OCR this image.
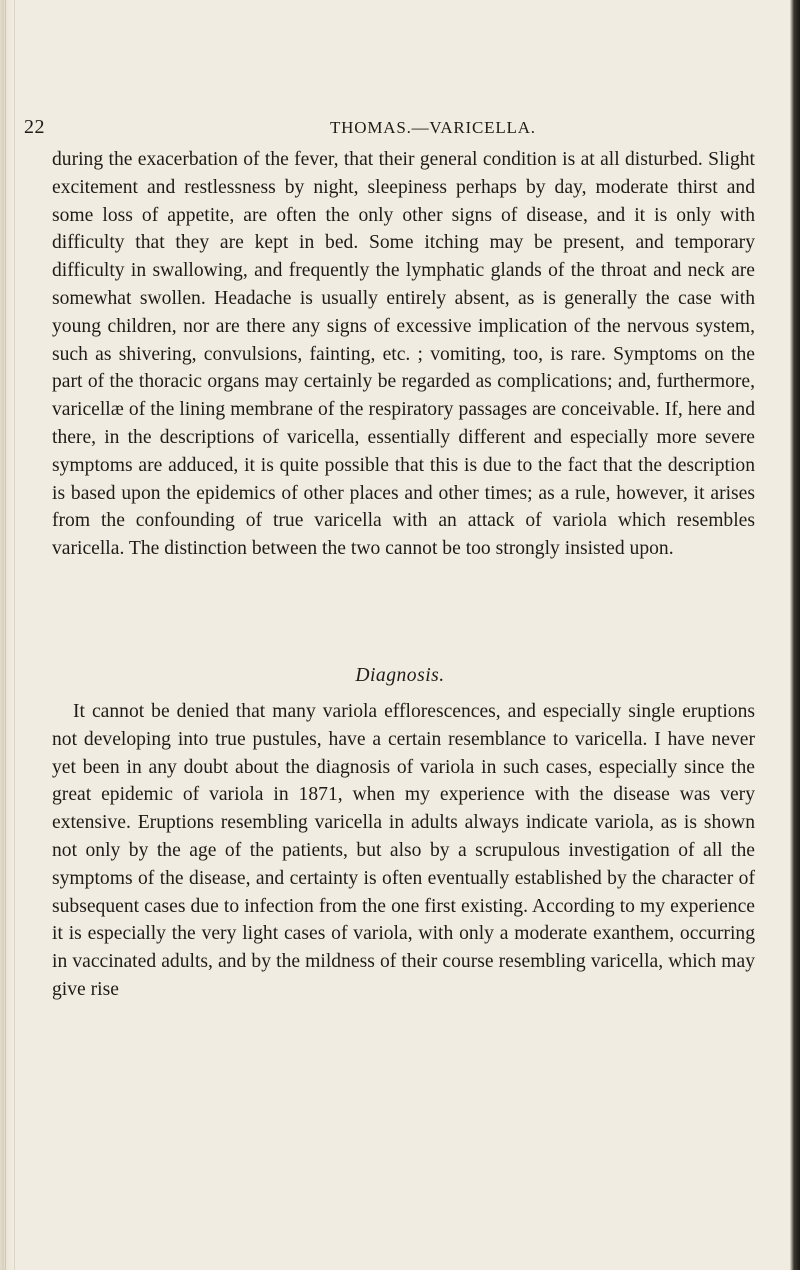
22	THOMAS.—VARICELLA.

during the exacerbation of the fever, that their general condition is at all disturbed. Slight excitement and restlessness by night, sleepiness perhaps by day, moderate thirst and some loss of appetite, are often the only other signs of disease, and it is only with difficulty that they are kept in bed. Some itching may be present, and temporary difficulty in swallowing, and frequently the lymphatic glands of the throat and neck are somewhat swollen. Headache is usually entirely absent, as is generally the case with young children, nor are there any signs of excessive implication of the nervous system, such as shivering, convulsions, fainting, etc. ; vomiting, too, is rare. Symptoms on the part of the thoracic organs may certainly be regarded as complications; and, furthermore, varicellæ of the lining membrane of the respiratory passages are conceivable. If, here and there, in the descriptions of varicella, essentially different and especially more severe symptoms are adduced, it is quite possible that this is due to the fact that the description is based upon the epidemics of other places and other times; as a rule, however, it arises from the confounding of true varicella with an attack of variola which resembles varicella. The distinction between the two cannot be too strongly insisted upon.

Diagnosis.

It cannot be denied that many variola efflorescences, and especially single eruptions not developing into true pustules, have a certain resemblance to varicella. I have never yet been in any doubt about the diagnosis of variola in such cases, especially since the great epidemic of variola in 1871, when my experience with the disease was very extensive. Eruptions resembling varicella in adults always indicate variola, as is shown not only by the age of the patients, but also by a scrupulous investigation of all the symptoms of the disease, and certainty is often eventually established by the character of subsequent cases due to infection from the one first existing. According to my experience it is especially the very light cases of variola, with only a moderate exanthem, occurring in vaccinated adults, and by the mildness of their course resembling varicella, which may give rise
